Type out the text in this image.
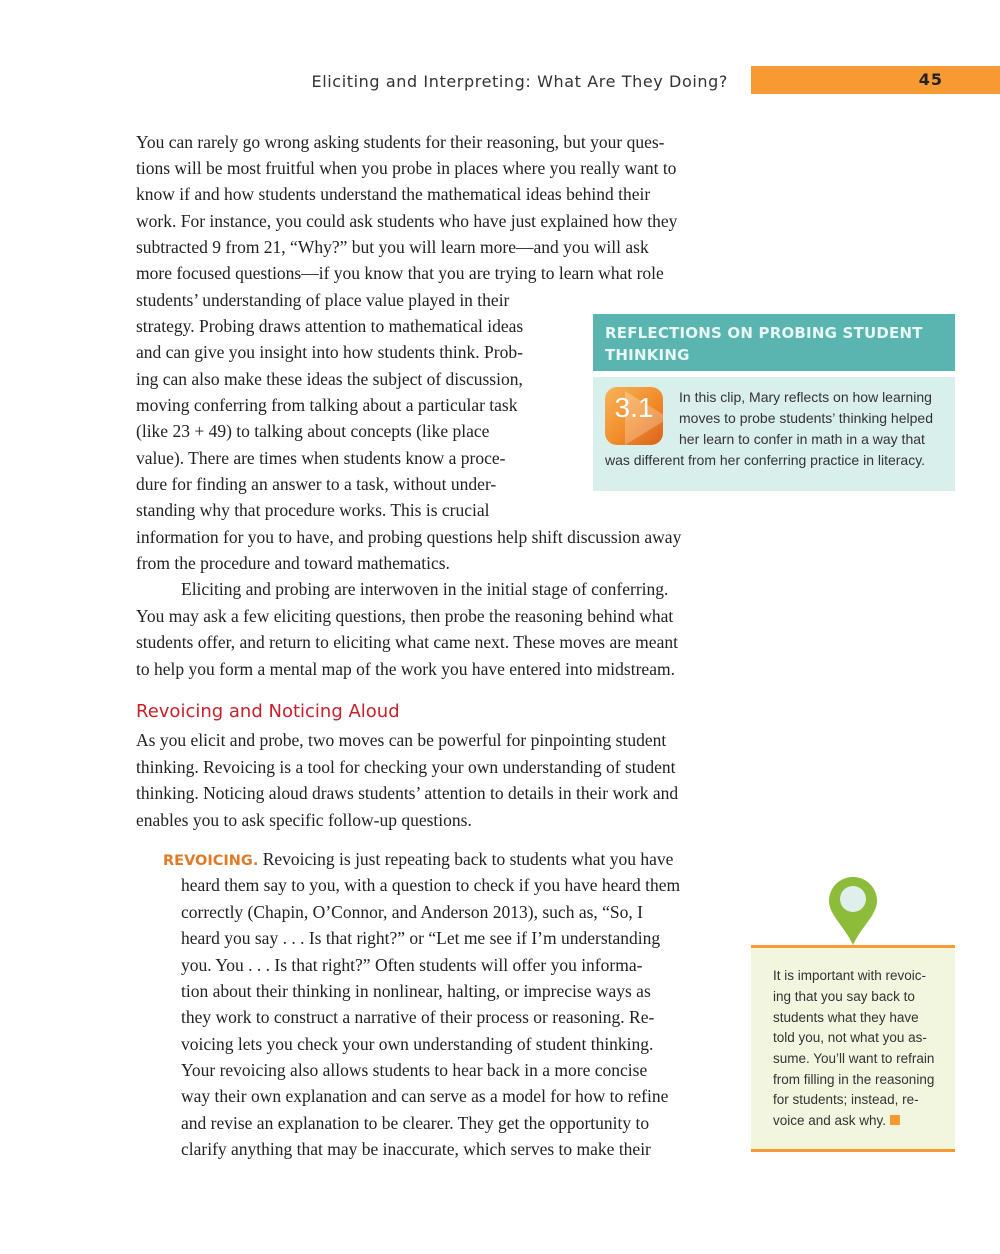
Eliciting and Interpreting: What Are They Doing?	45
You can rarely go wrong asking students for their reasoning, but your ques-
tions will be most fruitful when you probe in places where you really want to
know if and how students understand the mathematical ideas behind their
work. For instance, you could ask students who have just explained how they
subtracted 9 from 21, “Why?” but you will learn more—and you will ask
more focused questions—if you know that you are trying to learn what role
students’ understanding of place value played in their
strategy. Probing draws attention to mathematical ideas
and can give you insight into how students think. Prob-
ing can also make these ideas the subject of discussion,
moving conferring from talking about a particular task
(like 23 + 49) to talking about concepts (like place
value). There are times when students know a proce-
dure for finding an answer to a task, without under-
standing why that procedure works. This is crucial
information for you to have, and probing questions help shift discussion away
from the procedure and toward mathematics.
Eliciting and probing are interwoven in the initial stage of conferring.
You may ask a few eliciting questions, then probe the reasoning behind what
students offer, and return to eliciting what came next. These moves are meant
to help you form a mental map of the work you have entered into midstream.
Revoicing and Noticing Aloud
As you elicit and probe, two moves can be powerful for pinpointing student
thinking. Revoicing is a tool for checking your own understanding of student
thinking. Noticing aloud draws students’ attention to details in their work and
enables you to ask specific follow-up questions.
REVOICING. Revoicing is just repeating back to students what you have
heard them say to you, with a question to check if you have heard them
correctly (Chapin, O’Connor, and Anderson 2013), such as, “So, I
heard you say . . . Is that right?” or “Let me see if I’m understanding
you. You . . . Is that right?” Often students will offer you informa-
tion about their thinking in nonlinear, halting, or imprecise ways as
they work to construct a narrative of their process or reasoning. Re-
voicing lets you check your own understanding of student thinking.
Your revoicing also allows students to hear back in a more concise
way their own explanation and can serve as a model for how to refine
and revise an explanation to be clearer. They get the opportunity to
clarify anything that may be inaccurate, which serves to make their
REFLECTIONS ON PROBING STUDENT
THINKING
3.1	In this clip, Mary reflects on how learning
moves to probe students’ thinking helped
her learn to confer in math in a way that
was different from her conferring practice in literacy.
It is important with revoic-
ing that you say back to
students what they have
told you, not what you as-
sume. You’ll want to refrain
from filling in the reasoning
for students; instead, re-
voice and ask why.
